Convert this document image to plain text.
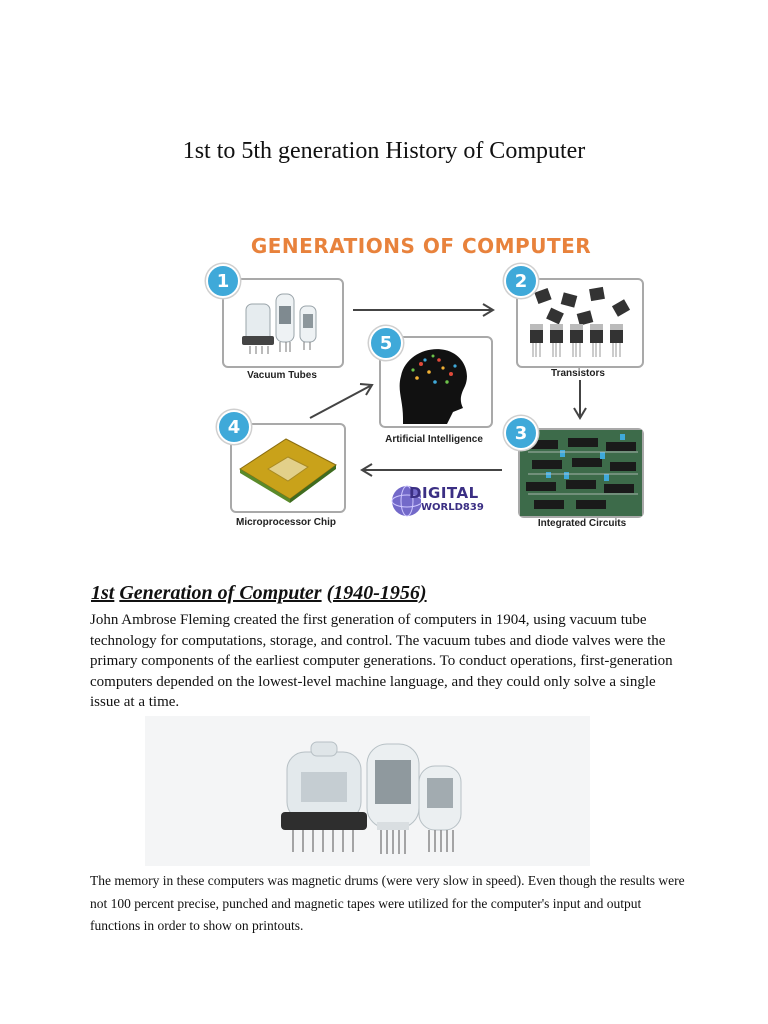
1st to 5th generation History of Computer
GENERATIONS OF COMPUTER
1
Vacuum Tubes
2
Transistors
5
Artificial Intelligence
4
Microprocessor Chip
3
Integrated Circuits
DIGITAL
WORLD839
1st Generation of Computer (1940-1956)

John Ambrose Fleming created the first generation of computers in 1904, using vacuum tube technology for computations, storage, and control. The vacuum tubes and diode valves were the primary components of the earliest computer generations. To conduct operations, first-generation computers depended on the lowest-level machine language, and they could only solve a single issue at a time.

The memory in these computers was magnetic drums (were very slow in speed). Even though the results were not 100 percent precise, punched and magnetic tapes were utilized for the computer's input and output functions in order to show on printouts.
